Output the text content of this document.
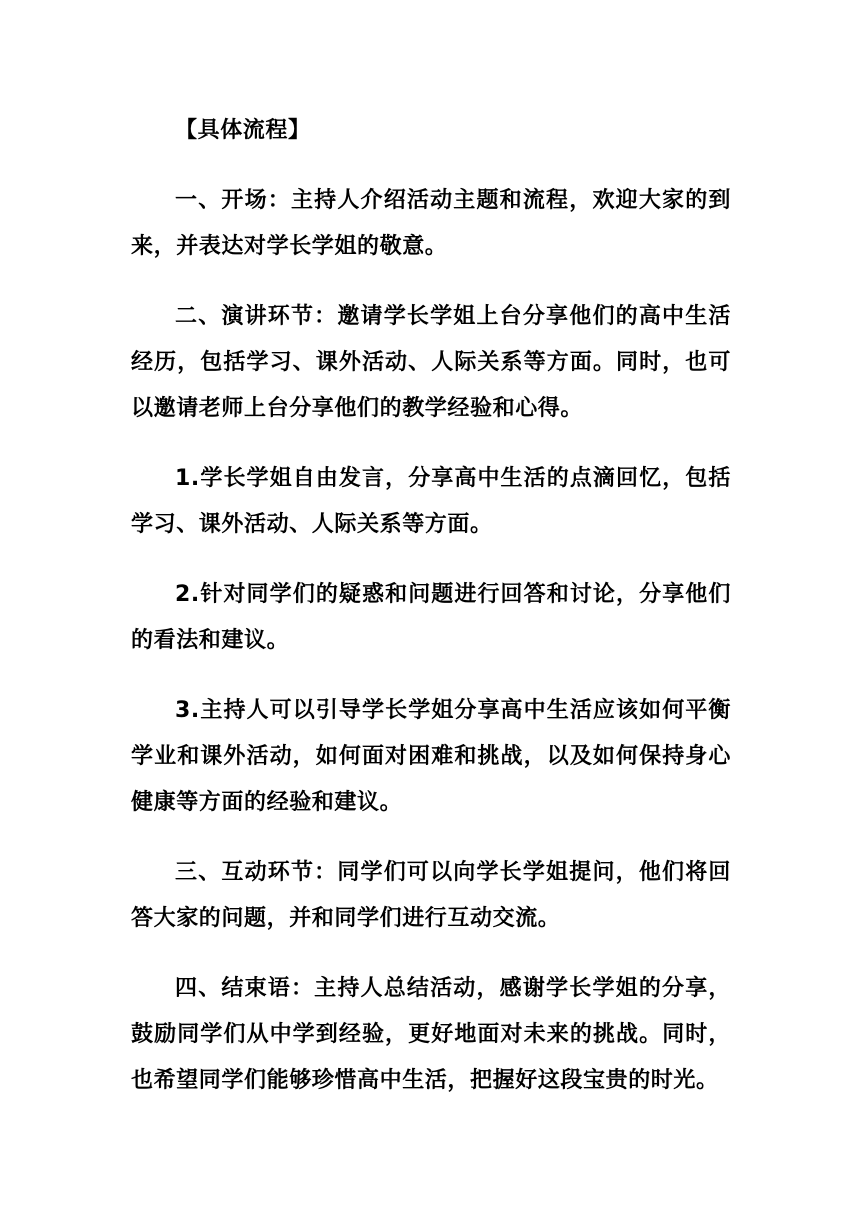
【具体流程】

一、开场：主持人介绍活动主题和流程，欢迎大家的到来，并表达对学长学姐的敬意。

二、演讲环节：邀请学长学姐上台分享他们的高中生活经历，包括学习、课外活动、人际关系等方面。同时，也可以邀请老师上台分享他们的教学经验和心得。

1.学长学姐自由发言，分享高中生活的点滴回忆，包括学习、课外活动、人际关系等方面。

2.针对同学们的疑惑和问题进行回答和讨论，分享他们的看法和建议。

3.主持人可以引导学长学姐分享高中生活应该如何平衡学业和课外活动，如何面对困难和挑战，以及如何保持身心健康等方面的经验和建议。

三、互动环节：同学们可以向学长学姐提问，他们将回答大家的问题，并和同学们进行互动交流。

四、结束语：主持人总结活动，感谢学长学姐的分享，鼓励同学们从中学到经验，更好地面对未来的挑战。同时，也希望同学们能够珍惜高中生活，把握好这段宝贵的时光。
